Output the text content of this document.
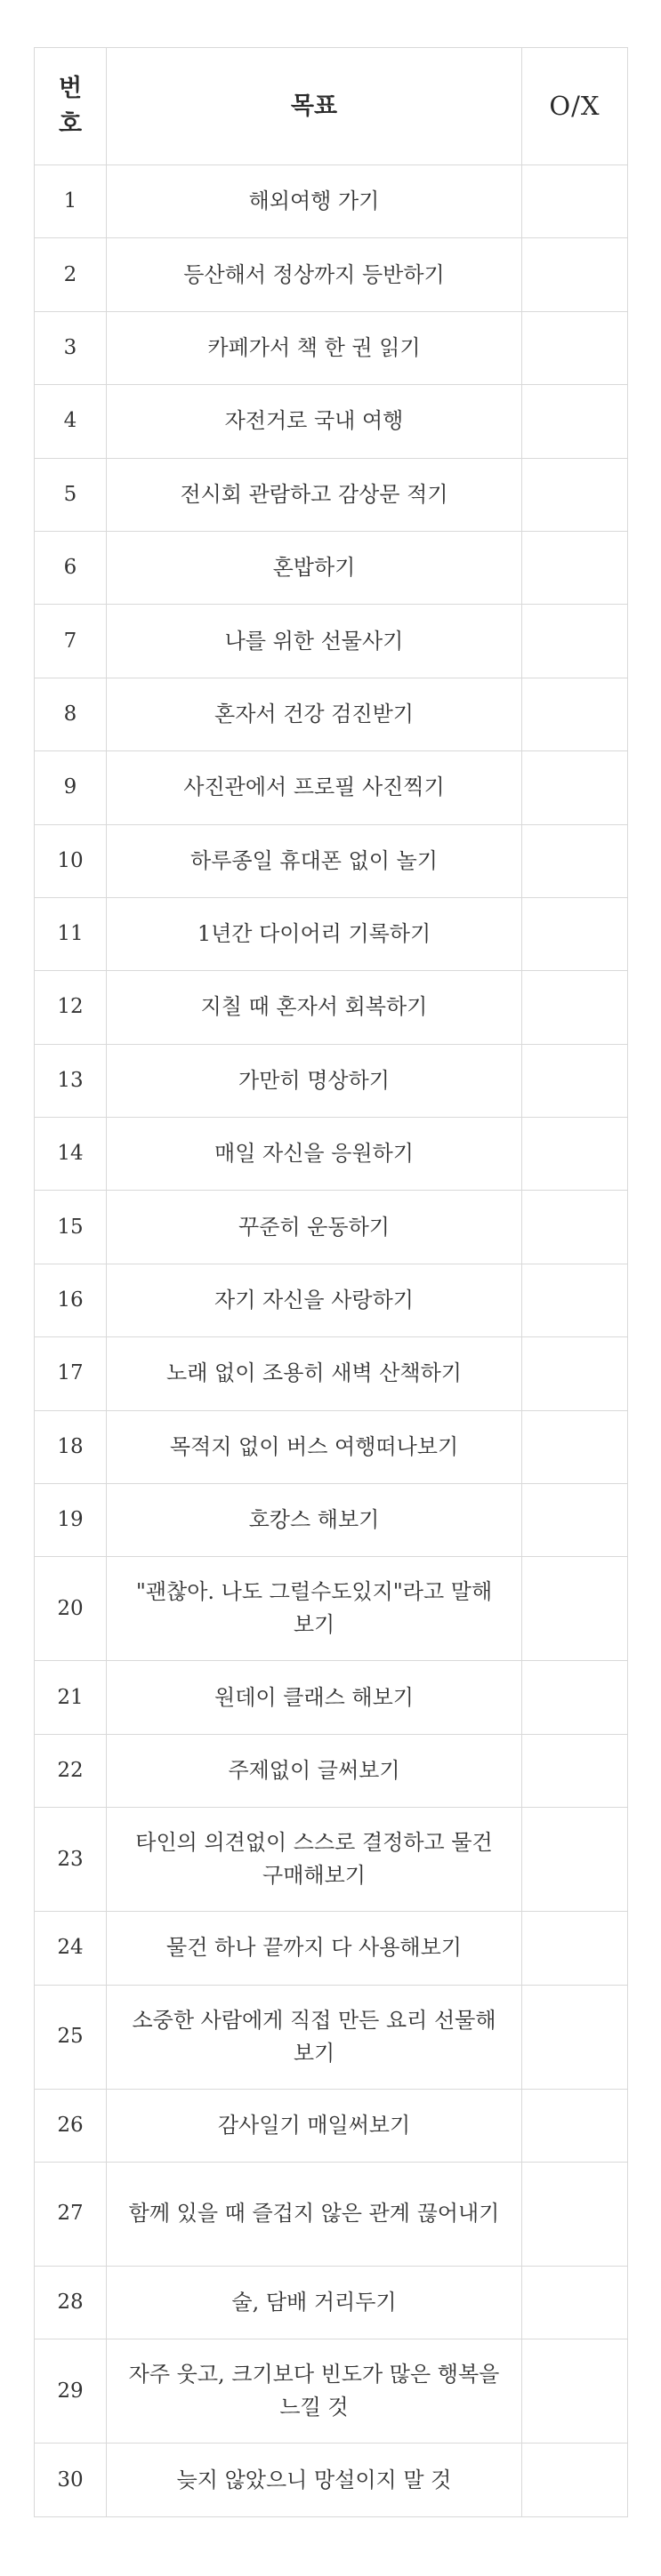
번호	목표	O/X
1	해외여행 가기	
2	등산해서 정상까지 등반하기	
3	카페가서 책 한 권 읽기	
4	자전거로 국내 여행	
5	전시회 관람하고 감상문 적기	
6	혼밥하기	
7	나를 위한 선물사기	
8	혼자서 건강 검진받기	
9	사진관에서 프로필 사진찍기	
10	하루종일 휴대폰 없이 놀기	
11	1년간 다이어리 기록하기	
12	지칠 때 혼자서 회복하기	
13	가만히 명상하기	
14	매일 자신을 응원하기	
15	꾸준히 운동하기	
16	자기 자신을 사랑하기	
17	노래 없이 조용히 새벽 산책하기	
18	목적지 없이 버스 여행떠나보기	
19	호캉스 해보기	
20	"괜찮아. 나도 그럴수도있지"라고 말해보기	
21	원데이 클래스 해보기	
22	주제없이 글써보기	
23	타인의 의견없이 스스로 결정하고 물건 구매해보기	
24	물건 하나 끝까지 다 사용해보기	
25	소중한 사람에게 직접 만든 요리 선물해보기	
26	감사일기 매일써보기	
27	함께 있을 때 즐겁지 않은 관계 끊어내기	
28	술, 담배 거리두기	
29	자주 웃고, 크기보다 빈도가 많은 행복을 느낄 것	
30	늦지 않았으니 망설이지 말 것	
